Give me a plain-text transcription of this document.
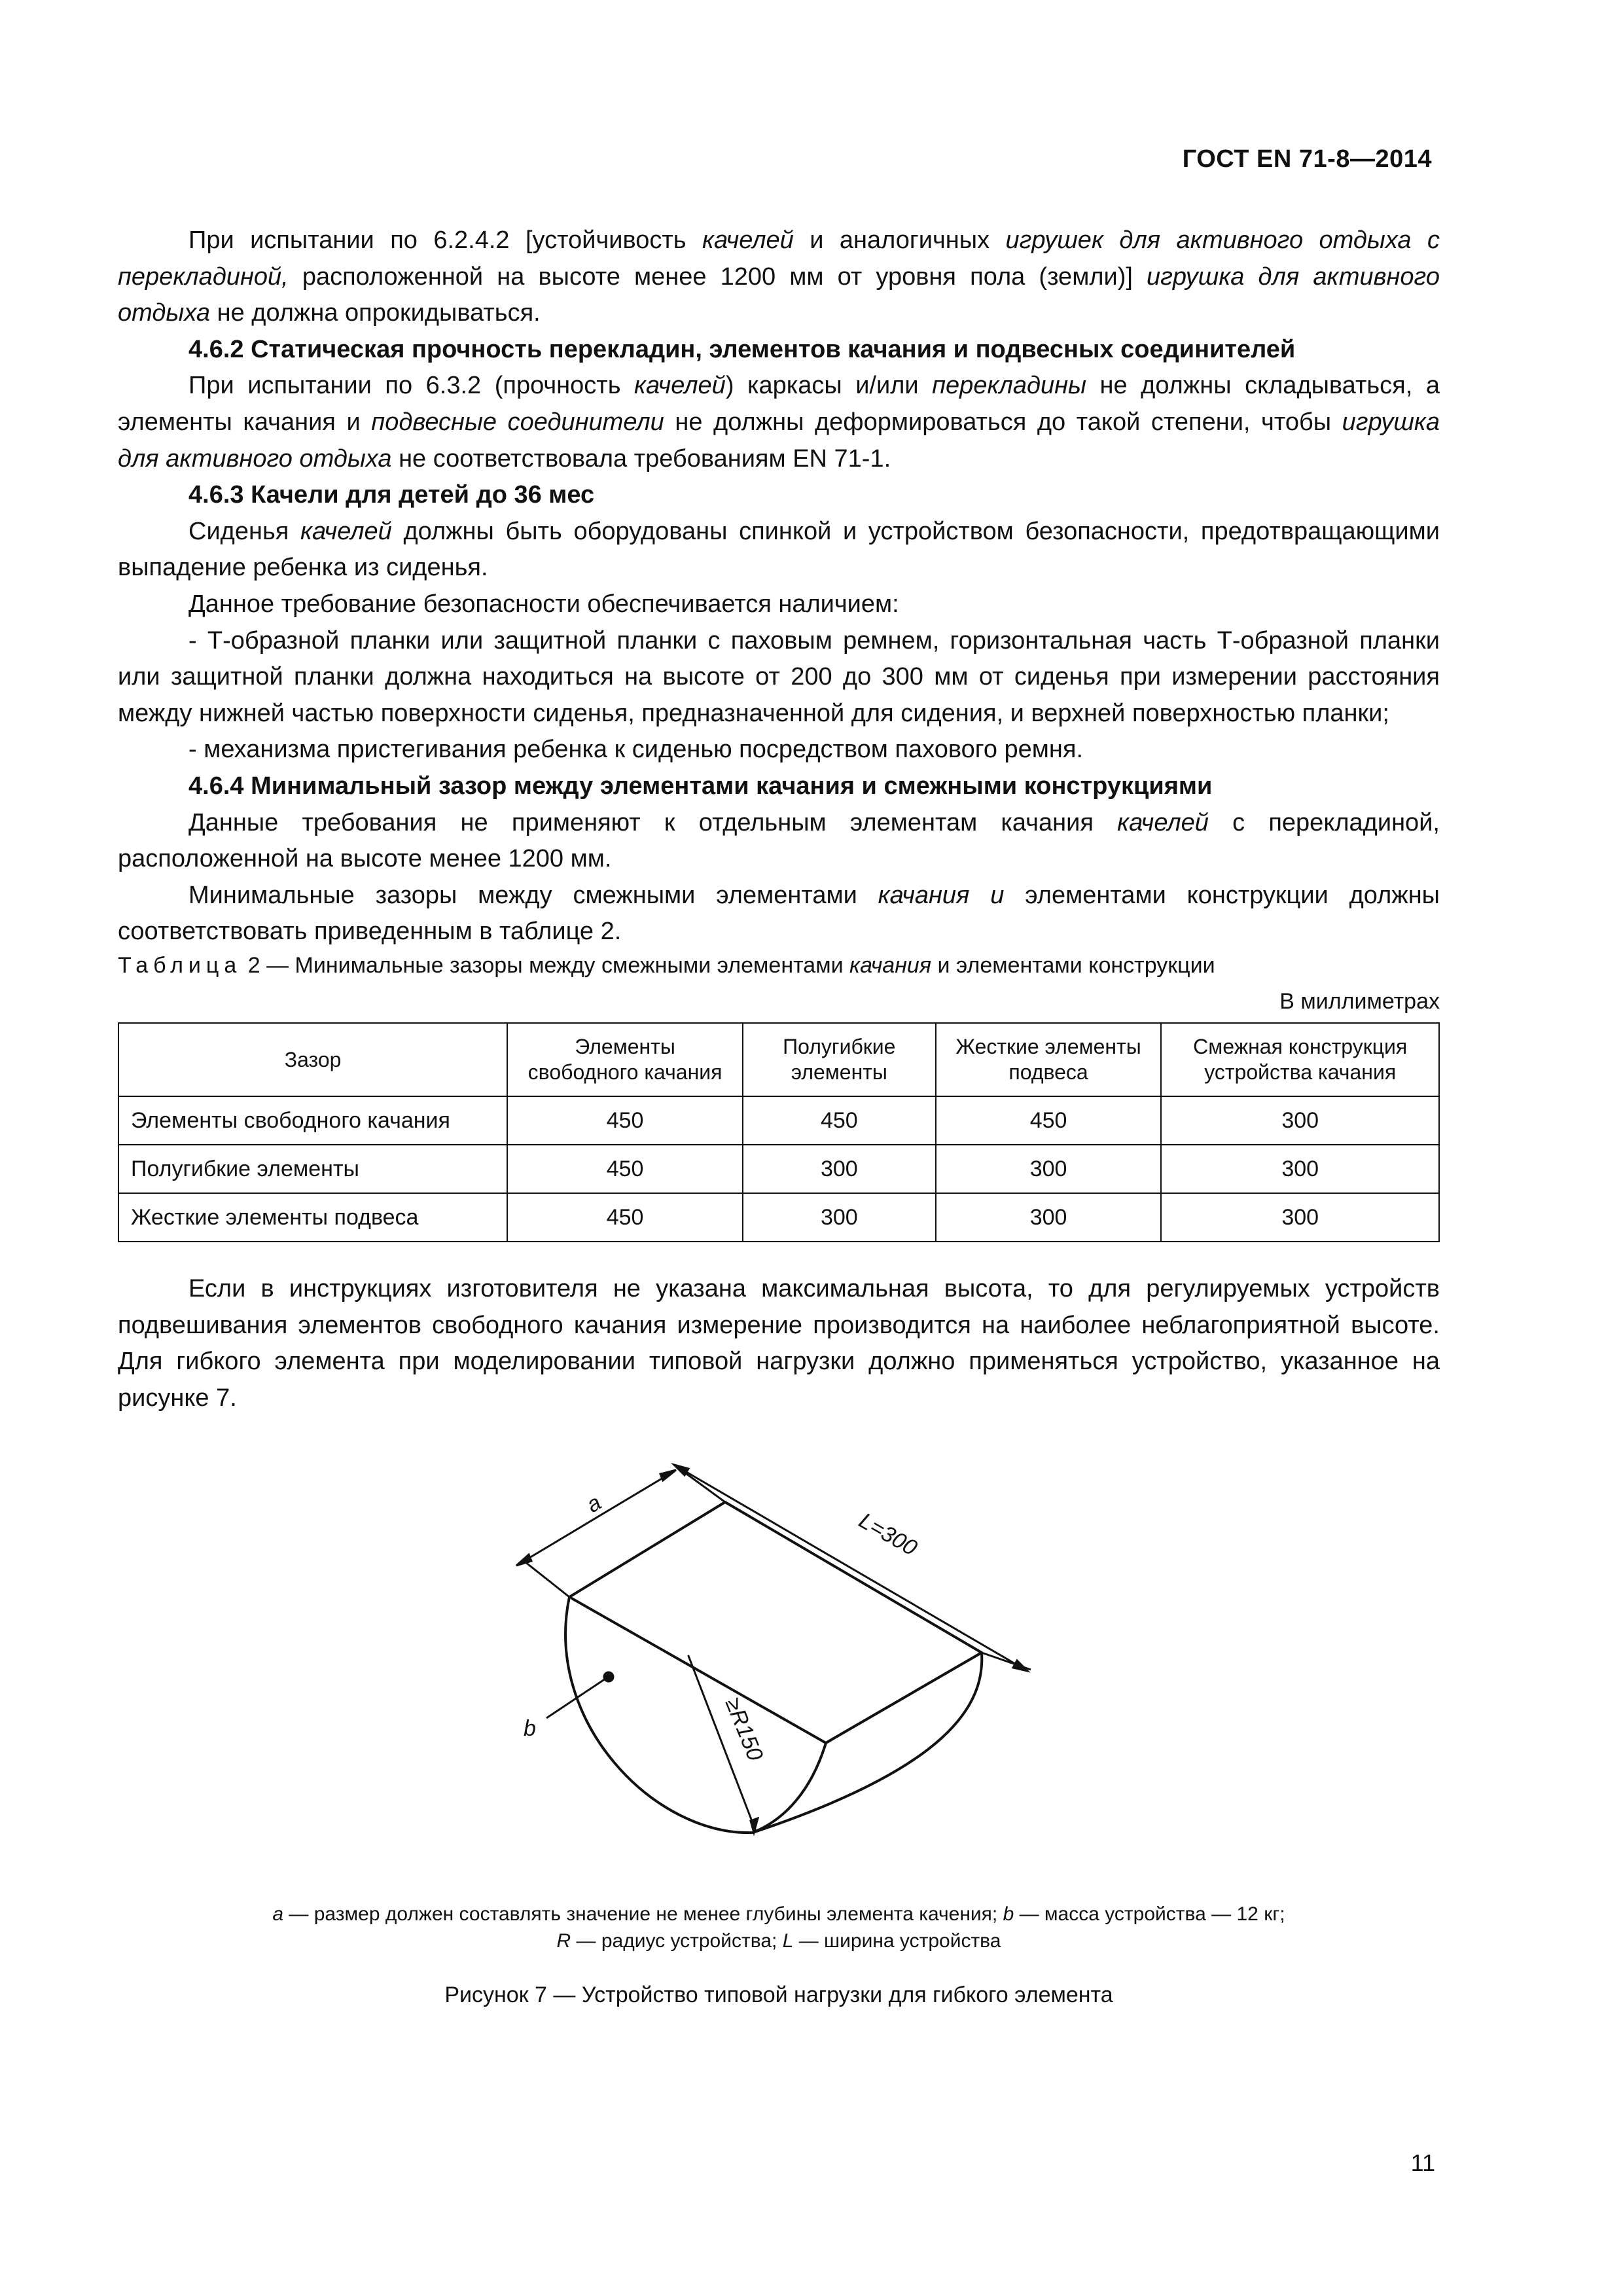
ГОСТ EN 71-8—2014

При испытании по 6.2.4.2 [устойчивость качелей и аналогичных игрушек для активного отдыха с перекладиной, расположенной на высоте менее 1200 мм от уровня пола (земли)] игрушка для активного отдыха не должна опрокидываться.

4.6.2 Статическая прочность перекладин, элементов качания и подвесных соединителей

При испытании по 6.3.2 (прочность качелей) каркасы и/или перекладины не должны складываться, а элементы качания и подвесные соединители не должны деформироваться до такой степени, чтобы игрушка для активного отдыха не соответствовала требованиям EN 71-1.

4.6.3 Качели для детей до 36 мес

Сиденья качелей должны быть оборудованы спинкой и устройством безопасности, предотвращающими выпадение ребенка из сиденья.

Данное требование безопасности обеспечивается наличием:

- Т-образной планки или защитной планки с паховым ремнем, горизонтальная часть Т-образной планки или защитной планки должна находиться на высоте от 200 до 300 мм от сиденья при измерении расстояния между нижней частью поверхности сиденья, предназначенной для сидения, и верхней поверхностью планки;

- механизма пристегивания ребенка к сиденью посредством пахового ремня.

4.6.4 Минимальный зазор между элементами качания и смежными конструкциями

Данные требования не применяют к отдельным элементам качания качелей с перекладиной, расположенной на высоте менее 1200 мм.

Минимальные зазоры между смежными элементами качания и элементами конструкции должны соответствовать приведенным в таблице 2.

Таблица 2 — Минимальные зазоры между смежными элементами качания и элементами конструкции
В миллиметрах
Зазор	Элементы свободного качания	Полугибкие элементы	Жесткие элементы подвеса	Смежная конструкция устройства качания
Элементы свободного качания	450	450	450	300
Полугибкие элементы	450	300	300	300
Жесткие элементы подвеса	450	300	300	300

Если в инструкциях изготовителя не указана максимальная высота, то для регулируемых устройств подвешивания элементов свободного качания измерение производится на наиболее неблагоприятной высоте. Для гибкого элемента при моделировании типовой нагрузки должно применяться устройство, указанное на рисунке 7.

a
L=300
b	≥R150
a — размер должен составлять значение не менее глубины элемента качения; b — масса устройства — 12 кг;
R — радиус устройства; L — ширина устройства
Рисунок 7 — Устройство типовой нагрузки для гибкого элемента
11
